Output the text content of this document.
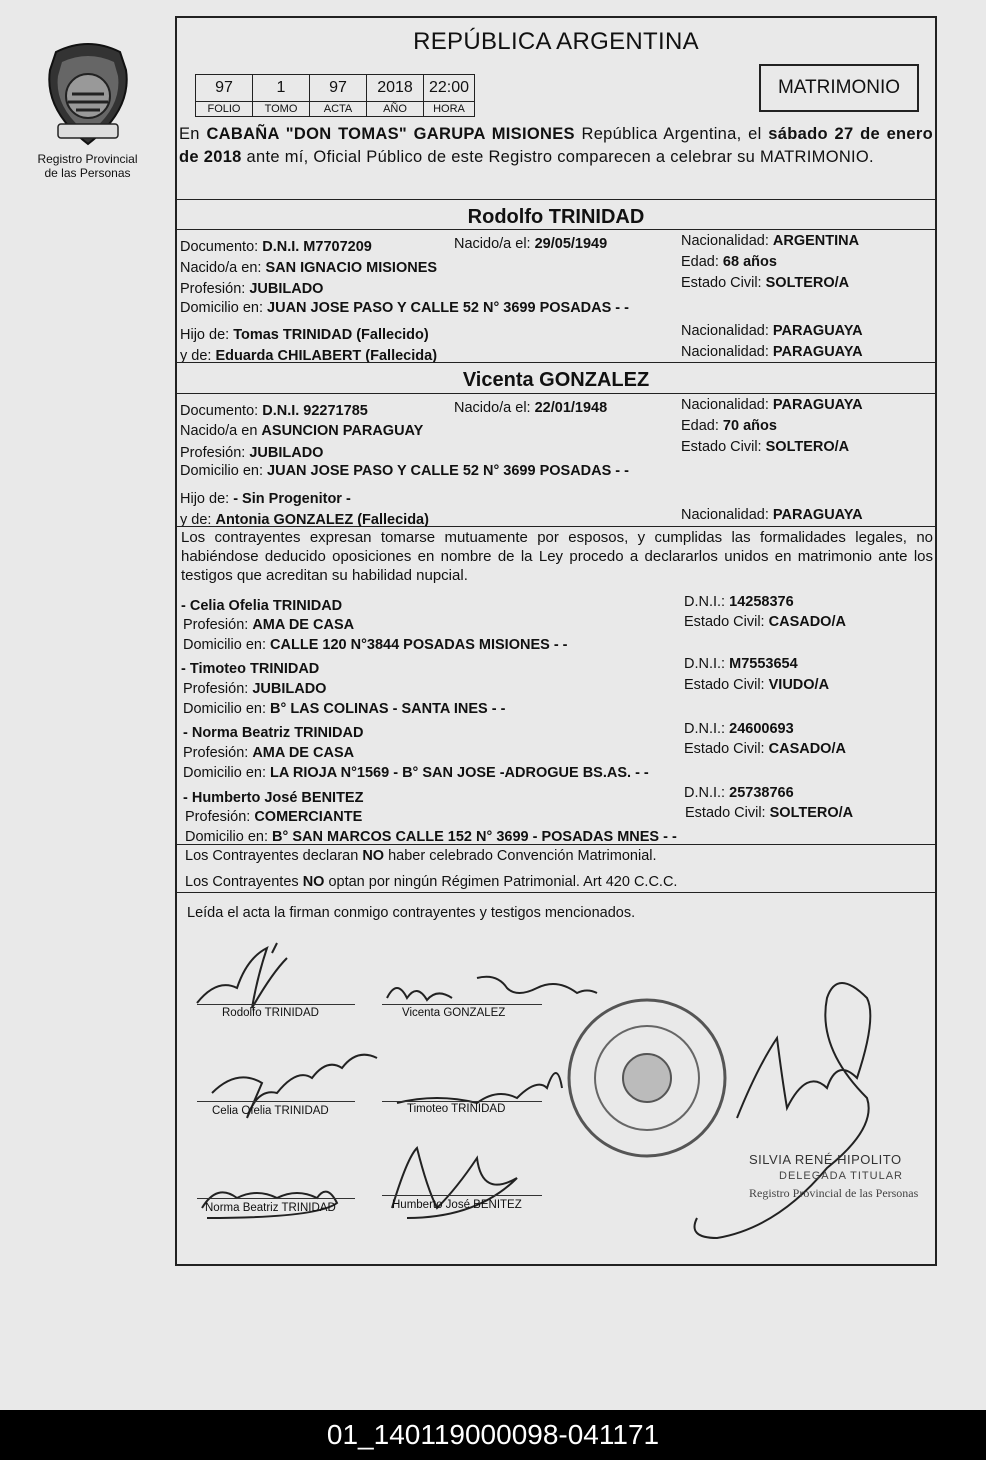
Registro Provincial
de las Personas
REPÚBLICA ARGENTINA
97	1	97	2018	22:00
FOLIO	TOMO	ACTA	AÑO	HORA
MATRIMONIO
En CABAÑA "DON TOMAS" GARUPA MISIONES República Argentina, el sábado 27 de enero de 2018 ante mí, Oficial Público de este Registro comparecen a celebrar su MATRIMONIO.
Rodolfo TRINIDAD
Documento: D.N.I. M7707209	Nacido/a el: 29/05/1949	Nacionalidad: ARGENTINA
Nacido/a en: SAN IGNACIO MISIONES	Edad: 68 años
Profesión: JUBILADO	Estado Civil: SOLTERO/A
Domicilio en: JUAN JOSE PASO Y CALLE 52 N° 3699 POSADAS - -
Hijo de: Tomas TRINIDAD (Fallecido)	Nacionalidad: PARAGUAYA
y de: Eduarda CHILABERT (Fallecida)	Nacionalidad: PARAGUAYA
Vicenta GONZALEZ
Documento: D.N.I. 92271785	Nacido/a el: 22/01/1948	Nacionalidad: PARAGUAYA
Nacido/a en ASUNCION PARAGUAY	Edad: 70 años
Profesión: JUBILADO	Estado Civil: SOLTERO/A
Domicilio en: JUAN JOSE PASO Y CALLE 52 N° 3699 POSADAS - -
Hijo de: - Sin Progenitor -
y de: Antonia GONZALEZ (Fallecida)	Nacionalidad: PARAGUAYA
Los contrayentes expresan tomarse mutuamente por esposos, y cumplidas las formalidades legales, no habiéndose deducido oposiciones en nombre de la Ley procedo a declararlos unidos en matrimonio ante los testigos que acreditan su habilidad nupcial.
- Celia Ofelia TRINIDAD	D.N.I.: 14258376
Profesión: AMA DE CASA	Estado Civil: CASADO/A
Domicilio en: CALLE 120 N°3844 POSADAS MISIONES - -
- Timoteo TRINIDAD	D.N.I.: M7553654
Profesión: JUBILADO	Estado Civil: VIUDO/A
Domicilio en: B° LAS COLINAS - SANTA INES - -
- Norma Beatriz TRINIDAD	D.N.I.: 24600693
Profesión: AMA DE CASA	Estado Civil: CASADO/A
Domicilio en: LA RIOJA N°1569 - B° SAN JOSE -ADROGUE BS.AS. - -
- Humberto José BENITEZ	D.N.I.: 25738766
Profesión: COMERCIANTE	Estado Civil: SOLTERO/A
Domicilio en: B° SAN MARCOS CALLE 152 N° 3699 - POSADAS MNES - -
Los Contrayentes declaran NO haber celebrado Convención Matrimonial.
Los Contrayentes NO optan por ningún Régimen Patrimonial. Art 420 C.C.C.
Leída el acta la firman conmigo contrayentes y testigos mencionados.
Rodolfo TRINIDAD	Vicenta GONZALEZ
Celia Ofelia TRINIDAD	Timoteo TRINIDAD
Norma Beatriz TRINIDAD	Humberto José BENITEZ
SILVIA RENÉ HIPOLITO
DELEGADA TITULAR
Registro Provincial de las Personas
01_140119000098-041171
